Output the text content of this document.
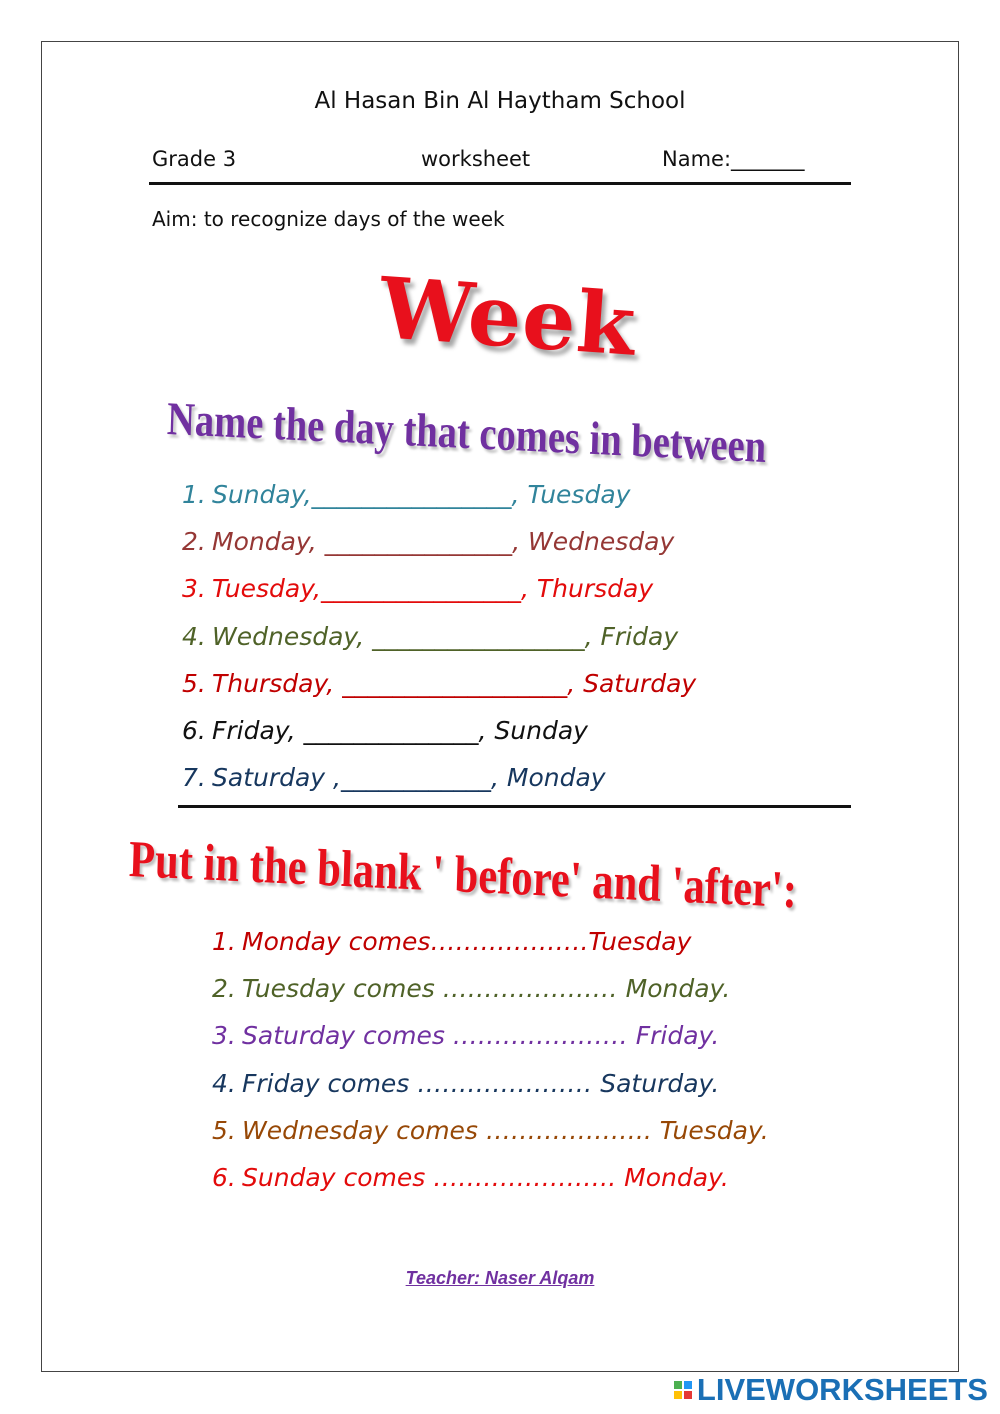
Al Hasan Bin Al Haytham School
Grade 3	worksheet	Name:_______
Aim: to recognize days of the week
Week
Name the day that comes in between
1. Sunday,________________, Tuesday
2. Monday, _______________, Wednesday
3. Tuesday,________________, Thursday
4. Wednesday, _________________, Friday
5. Thursday, __________________, Saturday
6. Friday, ______________, Sunday
7. Saturday ,____________, Monday
Put in the blank ' before' and 'after':
1. Monday comes……………….Tuesday
2. Tuesday comes ………………… Monday.
3. Saturday comes ………………… Friday.
4. Friday comes ………………… Saturday.
5. Wednesday comes ……………….. Tuesday.
6. Sunday comes …………………. Monday.
Teacher: Naser Alqam
LIVEWORKSHEETS
